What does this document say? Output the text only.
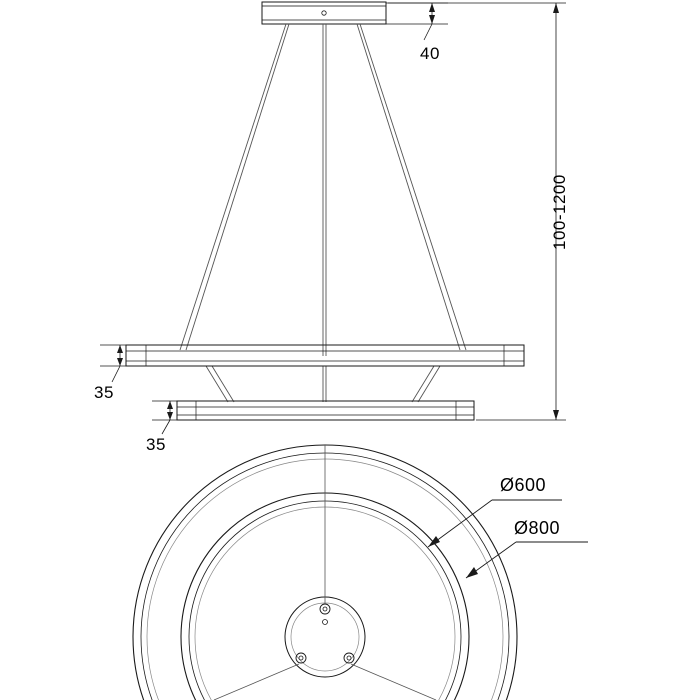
40
100-1200
35
35
Ø600
Ø800
